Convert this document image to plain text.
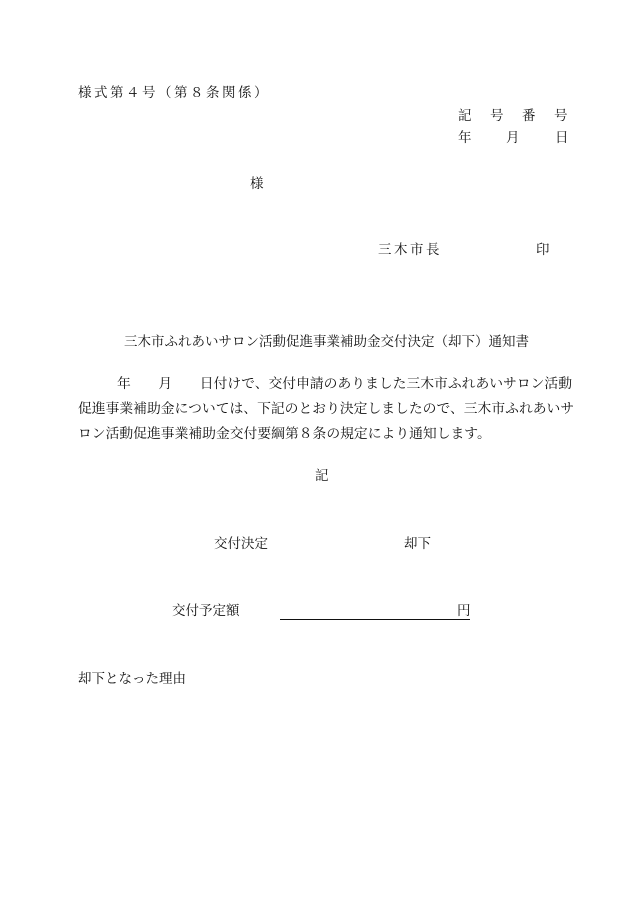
様式第４号（第８条関係）
記号番号
年	月	日
様
三木市長	印
三木市ふれあいサロン活動促進事業補助金交付決定（却下）通知書
年　　月　　日付けで、交付申請のありました三木市ふれあいサロン活動
促進事業補助金については、下記のとおり決定しましたので、三木市ふれあいサ
ロン活動促進事業補助金交付要綱第８条の規定により通知します。
記
交付決定	却下
交付予定額	円
却下となった理由
